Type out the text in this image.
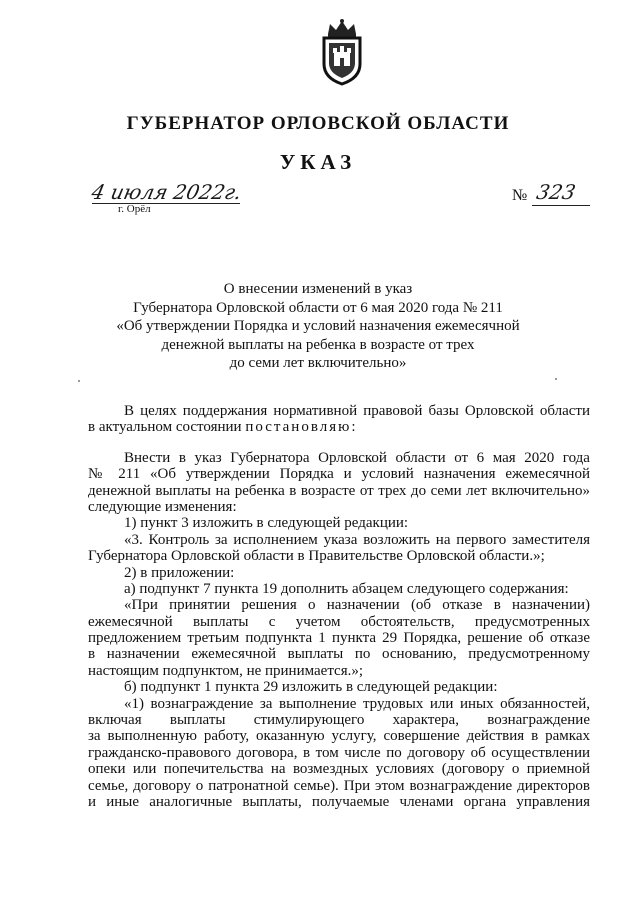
ГУБЕРНАТОР ОРЛОВСКОЙ ОБЛАСТИ
УКАЗ
4 июля 2022г.
г. Орёл
№ 323
О внесении изменений в указ
Губернатора Орловской области от 6 мая 2020 года № 211
«Об утверждении Порядка и условий назначения ежемесячной
денежной выплаты на ребенка в возрасте от трех
до семи лет включительно»
В целях поддержания нормативной правовой базы Орловской области
в актуальном состоянии постановляю:
Внести в указ Губернатора Орловской области от 6 мая 2020 года
№ 211 «Об утверждении Порядка и условий назначения ежемесячной
денежной выплаты на ребенка в возрасте от трех до семи лет включительно»
следующие изменения:
1) пункт 3 изложить в следующей редакции:
«3. Контроль за исполнением указа возложить на первого заместителя
Губернатора Орловской области в Правительстве Орловской области.»;
2) в приложении:
а) подпункт 7 пункта 19 дополнить абзацем следующего содержания:
«При принятии решения о назначении (об отказе в назначении)
ежемесячной выплаты с учетом обстоятельств, предусмотренных
предложением третьим подпункта 1 пункта 29 Порядка, решение об отказе
в назначении ежемесячной выплаты по основанию, предусмотренному
настоящим подпунктом, не принимается.»;
б) подпункт 1 пункта 29 изложить в следующей редакции:
«1) вознаграждение за выполнение трудовых или иных обязанностей,
включая выплаты стимулирующего характера, вознаграждение
за выполненную работу, оказанную услугу, совершение действия в рамках
гражданско-правового договора, в том числе по договору об осуществлении
опеки или попечительства на возмездных условиях (договору о приемной
семье, договору о патронатной семье). При этом вознаграждение директоров
и иные аналогичные выплаты, получаемые членами органа управления
